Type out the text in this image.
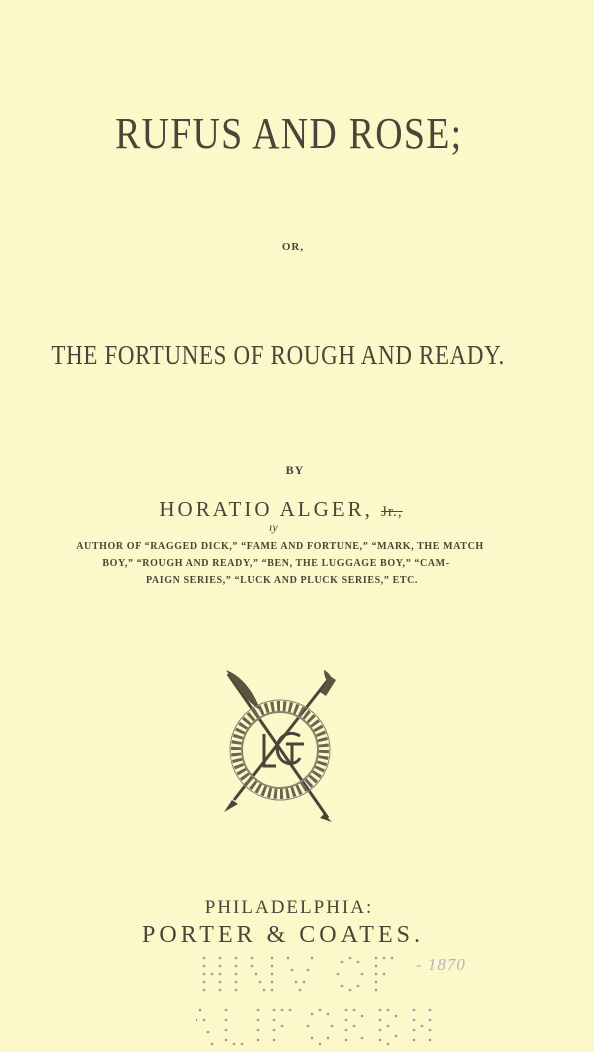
RUFUS AND ROSE;
OR,
THE FORTUNES OF ROUGH AND READY.
BY
HORATIO ALGER, Jr.,
ıy
AUTHOR OF “RAGGED DICK,” “FAME AND FORTUNE,” “MARK, THE MATCH
BOY,” “ROUGH AND READY,” “BEN, THE LUGGAGE BOY,” “CAM-
PAIGN SERIES,” “LUCK AND PLUCK SERIES,” ETC.
PHILADELPHIA:
PORTER & COATES.
- 1870
